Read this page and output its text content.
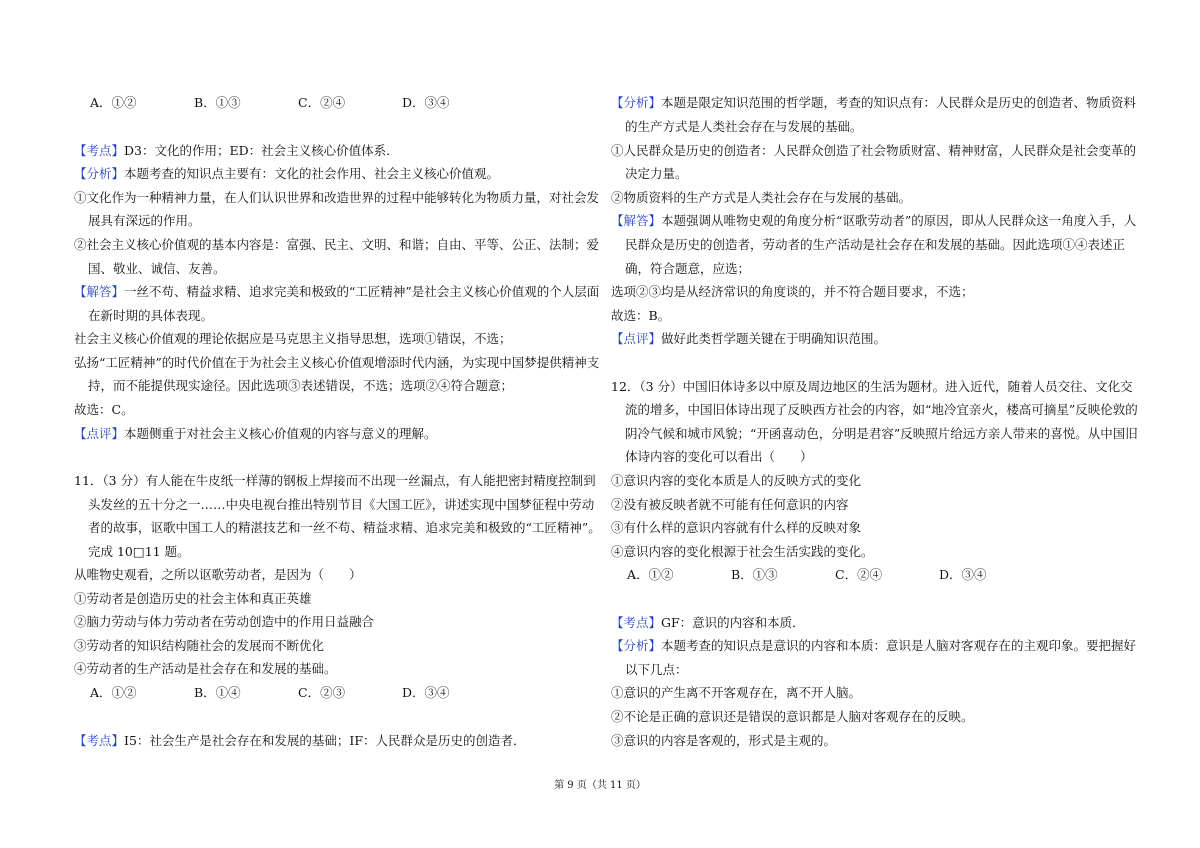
A．①②	B．①③	C．②④	D．③④
【考点】D3：文化的作用；ED：社会主义核心价值体系．
【分析】本题考查的知识点主要有：文化的社会作用、社会主义核心价值观。
①文化作为一种精神力量，在人们认识世界和改造世界的过程中能够转化为物质力量，对社会发
展具有深远的作用。
②社会主义核心价值观的基本内容是：富强、民主、文明、和谐；自由、平等、公正、法制；爱
国、敬业、诚信、友善。
【解答】一丝不苟、精益求精、追求完美和极致的“工匠精神”是社会主义核心价值观的个人层面
在新时期的具体表现。
社会主义核心价值观的理论依据应是马克思主义指导思想，选项①错误，不选；
弘扬“工匠精神”的时代价值在于为社会主义核心价值观增添时代内涵，为实现中国梦提供精神支
持，而不能提供现实途径。因此选项③表述错误，不选；选项②④符合题意；
故选：C。
【点评】本题侧重于对社会主义核心价值观的内容与意义的理解。
11．（3 分）有人能在牛皮纸一样薄的钢板上焊接而不出现一丝漏点，有人能把密封精度控制到
头发丝的五十分之一……中央电视台推出特别节目《大国工匠》，讲述实现中国梦征程中劳动
者的故事，讴歌中国工人的精湛技艺和一丝不苟、精益求精、追求完美和极致的“工匠精神”。
完成 10□11 题。
从唯物史观看，之所以讴歌劳动者，是因为（　　）
①劳动者是创造历史的社会主体和真正英雄
②脑力劳动与体力劳动者在劳动创造中的作用日益融合
③劳动者的知识结构随社会的发展而不断优化
④劳动者的生产活动是社会存在和发展的基础。
A．①②	B．①④	C．②③	D．③④
【考点】I5：社会生产是社会存在和发展的基础；IF：人民群众是历史的创造者．
【分析】本题是限定知识范围的哲学题，考查的知识点有：人民群众是历史的创造者、物质资料
的生产方式是人类社会存在与发展的基础。
①人民群众是历史的创造者：人民群众创造了社会物质财富、精神财富，人民群众是社会变革的
决定力量。
②物质资料的生产方式是人类社会存在与发展的基础。
【解答】本题强调从唯物史观的角度分析“讴歌劳动者”的原因，即从人民群众这一角度入手，人
民群众是历史的创造者，劳动者的生产活动是社会存在和发展的基础。因此选项①④表述正
确，符合题意，应选；
选项②③均是从经济常识的角度谈的，并不符合题目要求，不选；
故选：B。
【点评】做好此类哲学题关键在于明确知识范围。
12．（3 分）中国旧体诗多以中原及周边地区的生活为题材。进入近代，随着人员交往、文化交
流的增多，中国旧体诗出现了反映西方社会的内容，如“地冷宜亲火，楼高可摘星”反映伦敦的
阴冷气候和城市风貌；“开函喜动色，分明是君容”反映照片给远方亲人带来的喜悦。从中国旧
体诗内容的变化可以看出（　　）
①意识内容的变化本质是人的反映方式的变化
②没有被反映者就不可能有任何意识的内容
③有什么样的意识内容就有什么样的反映对象
④意识内容的变化根源于社会生活实践的变化。
A．①②	B．①③	C．②④	D．③④
【考点】GF：意识的内容和本质．
【分析】本题考查的知识点是意识的内容和本质：意识是人脑对客观存在的主观印象。要把握好
以下几点：
①意识的产生离不开客观存在，离不开人脑。
②不论是正确的意识还是错误的意识都是人脑对客观存在的反映。
③意识的内容是客观的，形式是主观的。
第 9 页（共 11 页）
